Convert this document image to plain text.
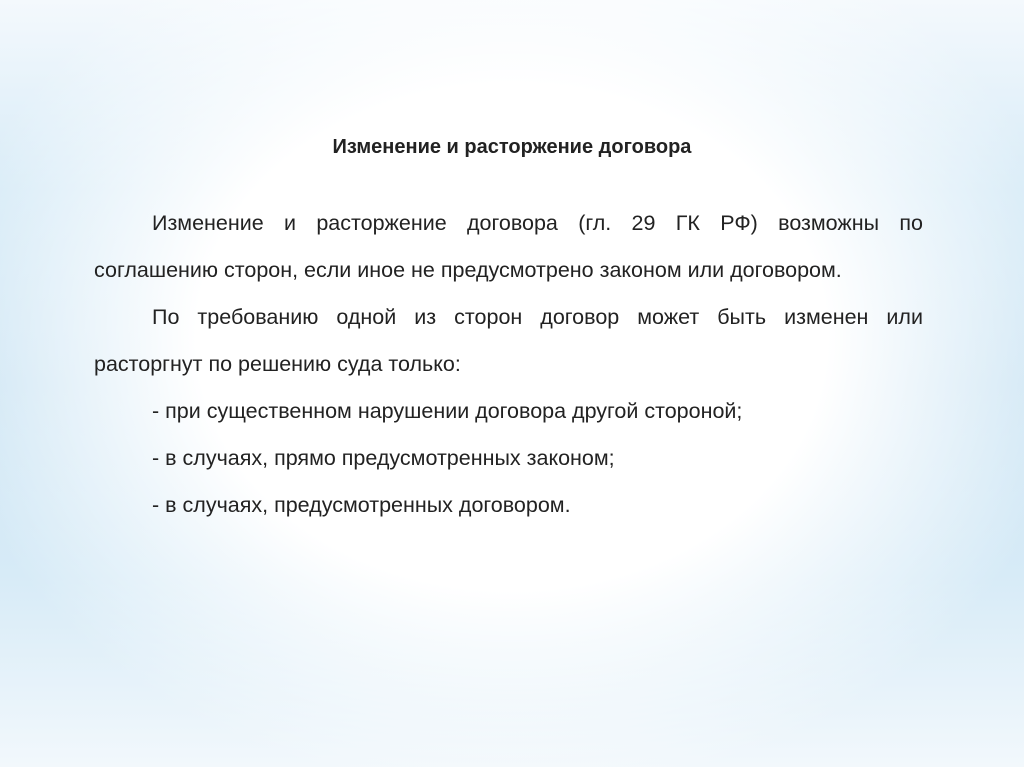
Изменение и расторжение договора

Изменение и расторжение договора (гл. 29 ГК РФ) возможны по соглашению сторон, если иное не предусмотрено законом или договором.

По требованию одной из сторон договор может быть изменен или расторгнут по решению суда только:

- при существенном нарушении договора другой стороной;

- в случаях, прямо предусмотренных законом;

- в случаях, предусмотренных договором.
